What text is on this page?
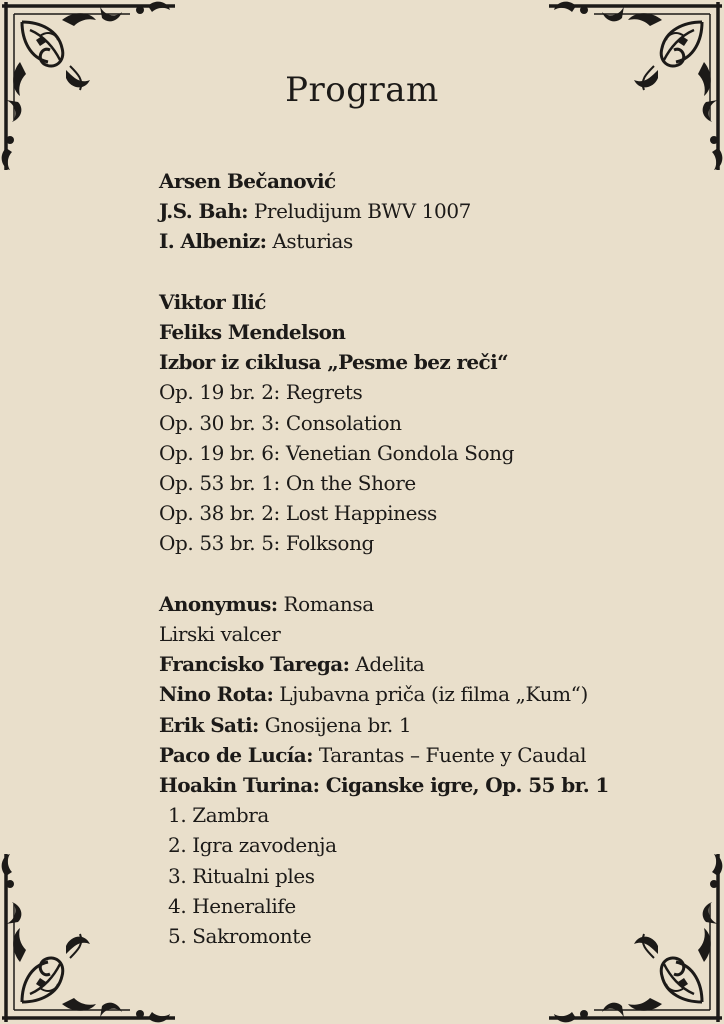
Program
Arsen Bečanović
J.S. Bah: Preludijum BWV 1007
I. Albeniz: Asturias
Viktor Ilić
Feliks Mendelson
Izbor iz ciklusa „Pesme bez reči“
Op. 19 br. 2: Regrets
Op. 30 br. 3: Consolation
Op. 19 br. 6: Venetian Gondola Song
Op. 53 br. 1: On the Shore
Op. 38 br. 2: Lost Happiness
Op. 53 br. 5: Folksong
Anonymus: Romansa
Lirski valcer
Francisko Tarega: Adelita
Nino Rota: Ljubavna priča (iz filma „Kum“)
Erik Sati: Gnosijena br. 1
Paco de Lucía: Tarantas – Fuente y Caudal
Hoakin Turina: Ciganske igre, Op. 55 br. 1
1. Zambra
2. Igra zavodenja
3. Ritualni ples
4. Heneralife
5. Sakromonte
